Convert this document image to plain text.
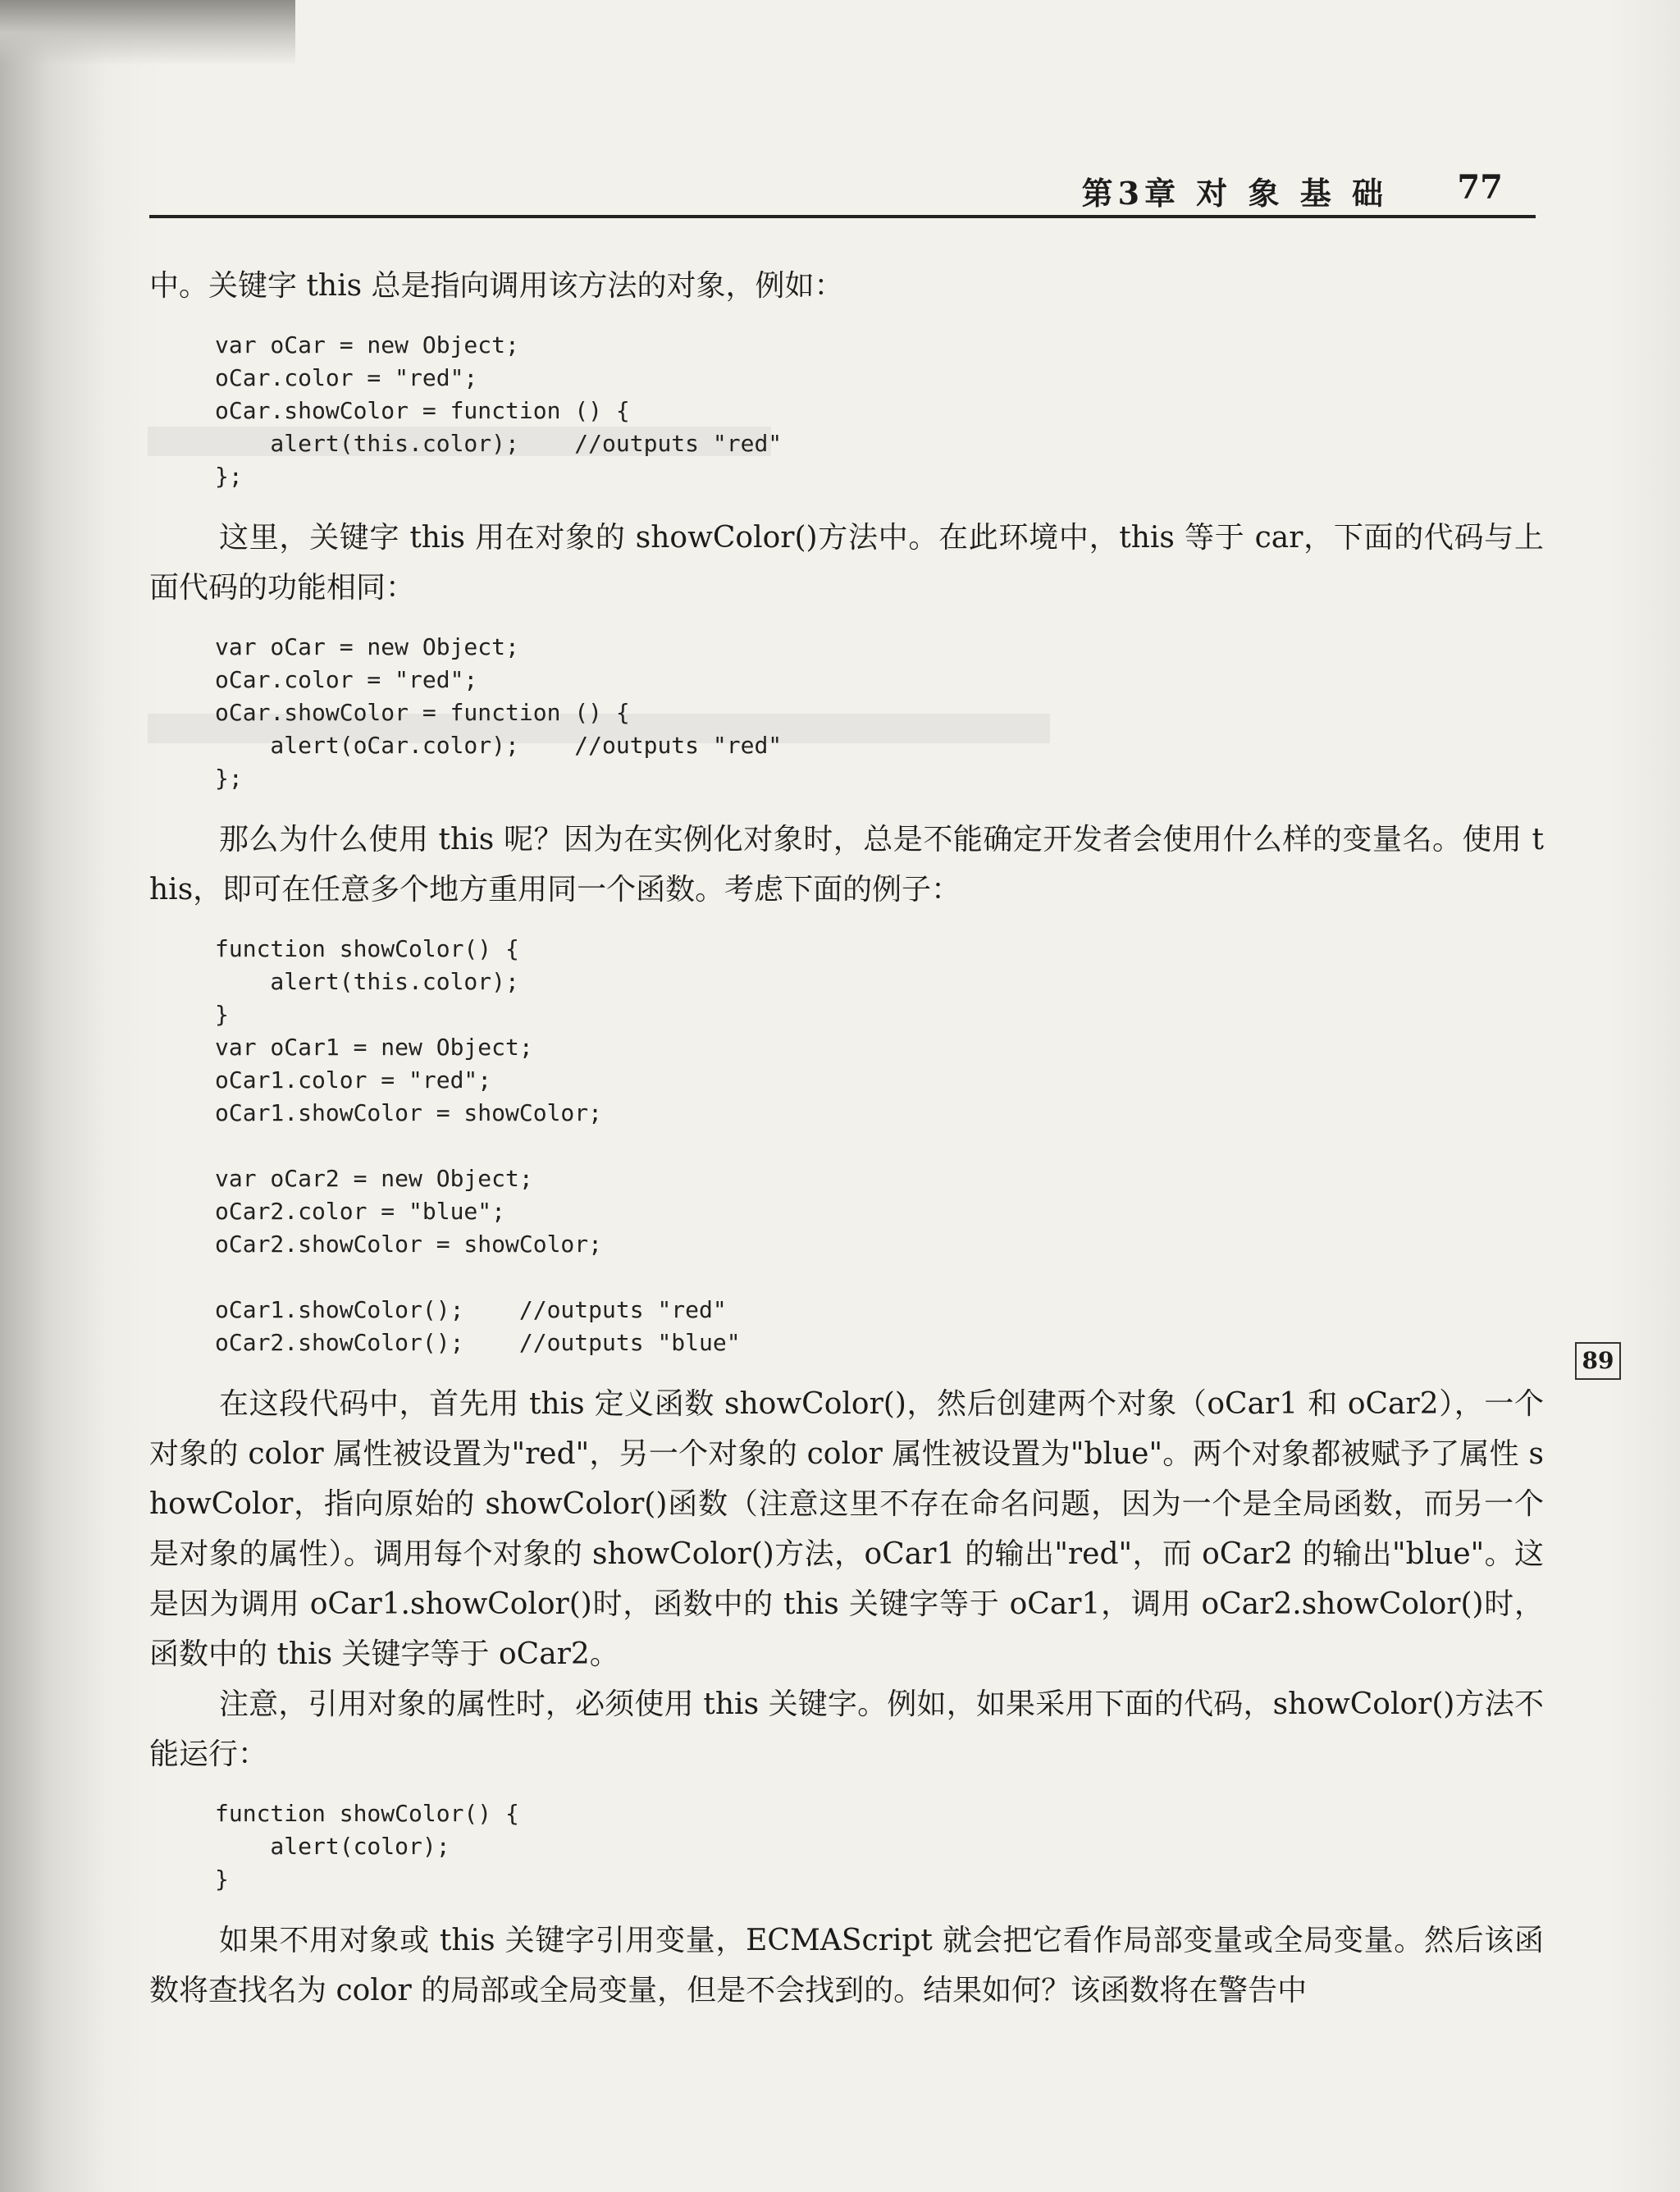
第3章 对 象 基 础 77

中。关键字 this 总是指向调用该方法的对象，例如：

var oCar = new Object;
oCar.color = "red";
oCar.showColor = function () {
alert(this.color);    //outputs "red"
};

这里，关键字 this 用在对象的 showColor()方法中。在此环境中，this 等于 car，下面的代码与上面代码的功能相同：

var oCar = new Object;
oCar.color = "red";
oCar.showColor = function () {
alert(oCar.color);    //outputs "red"
};

那么为什么使用 this 呢？因为在实例化对象时，总是不能确定开发者会使用什么样的变量名。使用 this，即可在任意多个地方重用同一个函数。考虑下面的例子：

function showColor() {
alert(this.color);
}
var oCar1 = new Object;
oCar1.color = "red";
oCar1.showColor = showColor;
var oCar2 = new Object;
oCar2.color = "blue";
oCar2.showColor = showColor;
oCar1.showColor();    //outputs "red"
oCar2.showColor();    //outputs "blue"

在这段代码中，首先用 this 定义函数 showColor()，然后创建两个对象（oCar1 和 oCar2），一个对象的 color 属性被设置为"red"，另一个对象的 color 属性被设置为"blue"。两个对象都被赋予了属性 showColor，指向原始的 showColor()函数（注意这里不存在命名问题，因为一个是全局函数，而另一个是对象的属性）。调用每个对象的 showColor()方法，oCar1 的输出"red"，而 oCar2 的输出"blue"。这是因为调用 oCar1.showColor()时，函数中的 this 关键字等于 oCar1，调用 oCar2.showColor()时，函数中的 this 关键字等于 oCar2。

注意，引用对象的属性时，必须使用 this 关键字。例如，如果采用下面的代码，showColor()方法不能运行：

function showColor() {
alert(color);
}

如果不用对象或 this 关键字引用变量，ECMAScript 就会把它看作局部变量或全局变量。然后该函数将查找名为 color 的局部或全局变量，但是不会找到的。结果如何？该函数将在警告中

89
